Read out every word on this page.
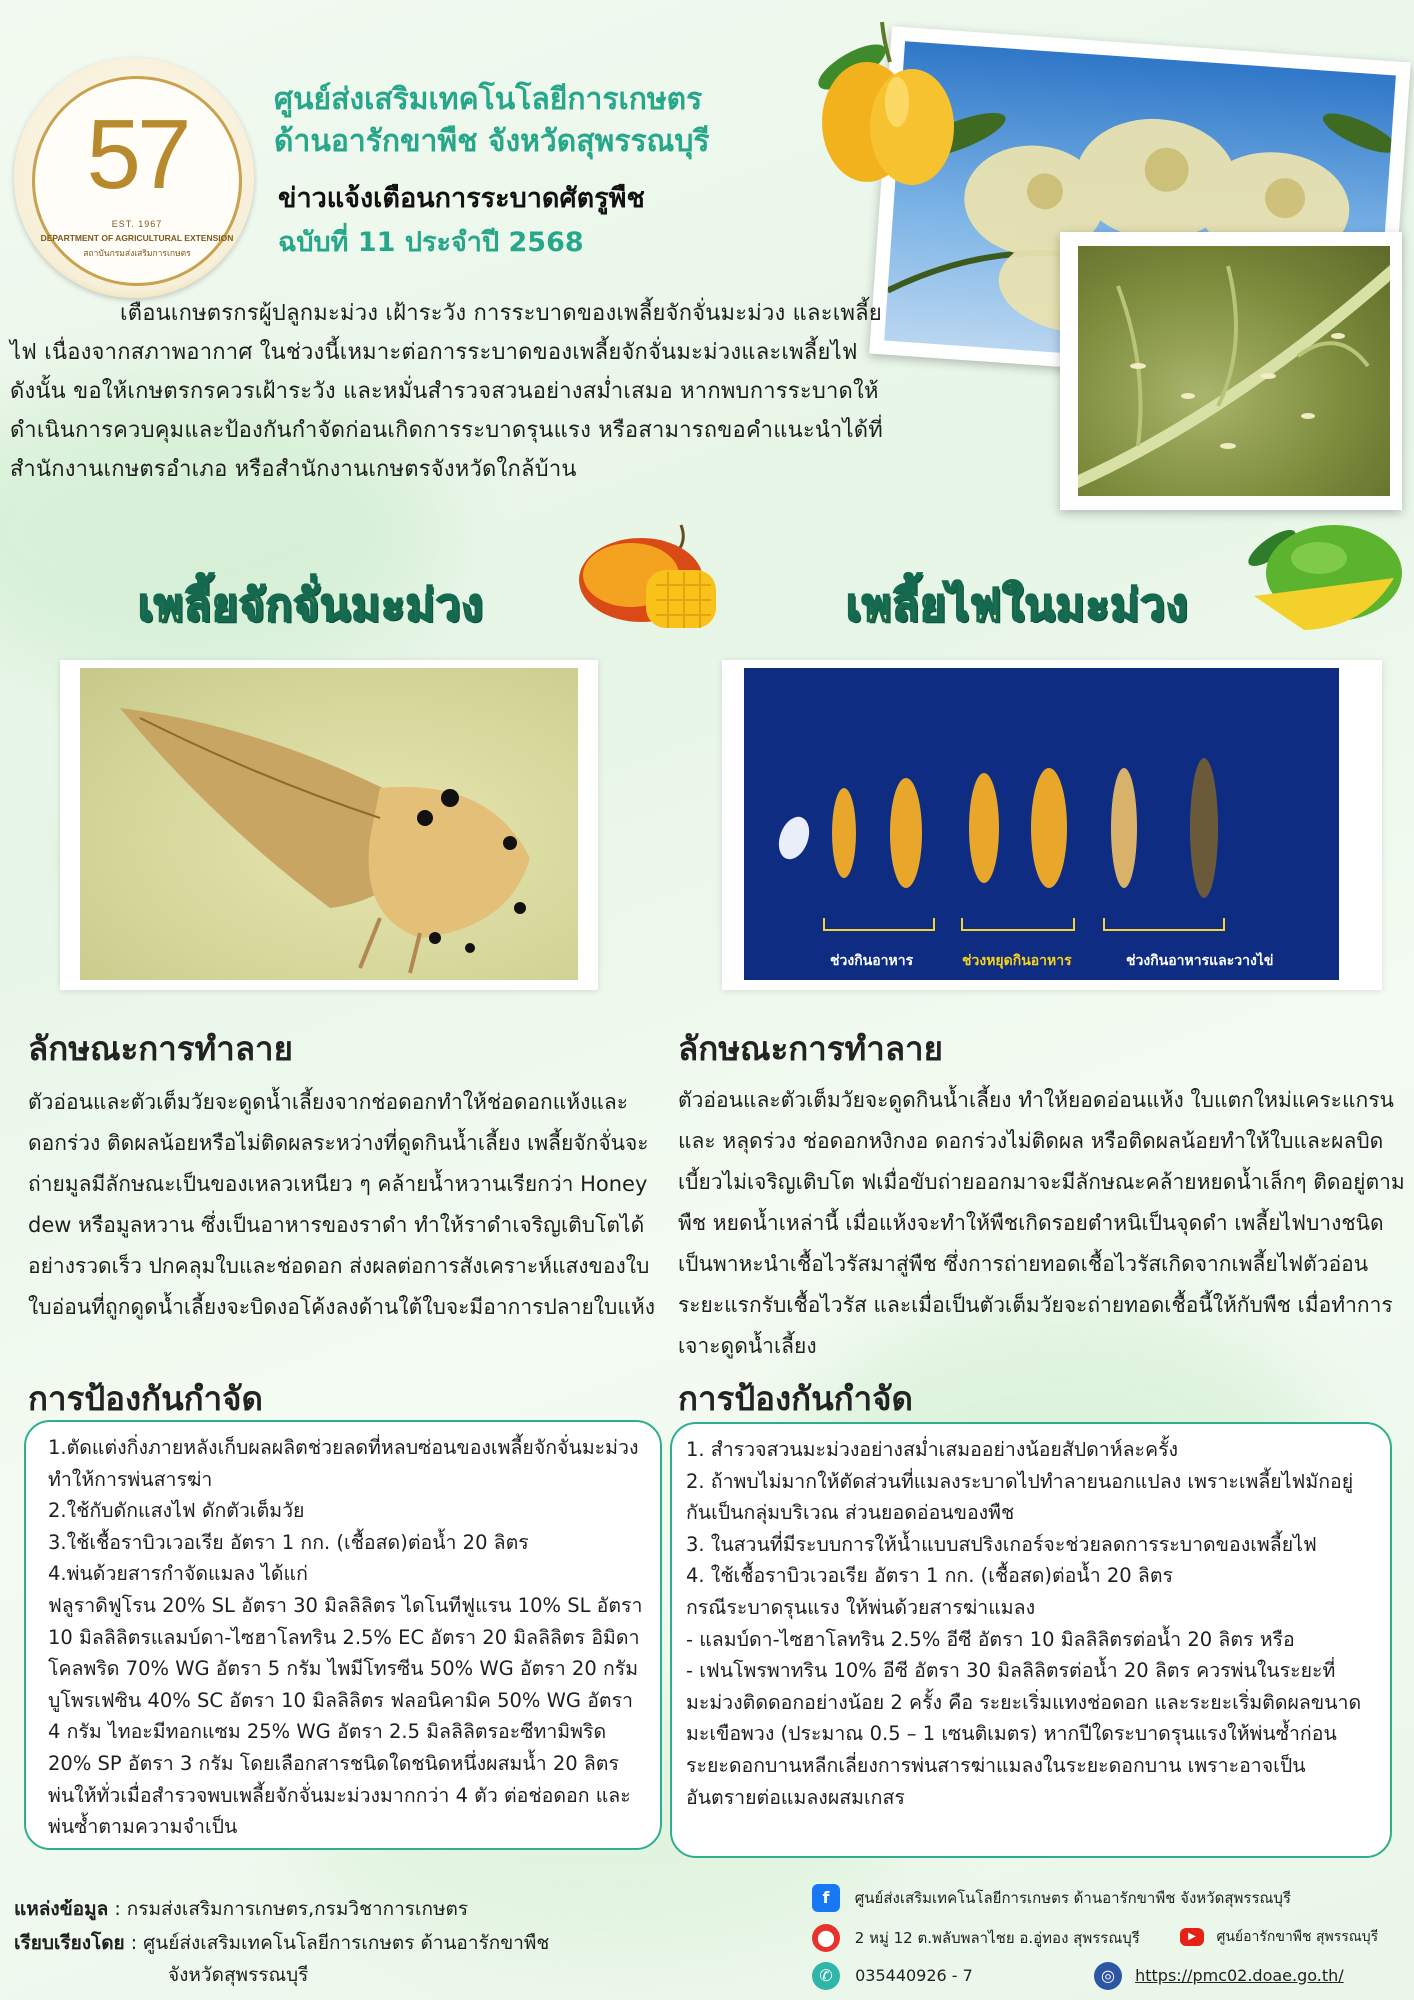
57
EST. 1967
DEPARTMENT OF AGRICULTURAL EXTENSION
สถาบันกรมส่งเสริมการเกษตร
ศูนย์ส่งเสริมเทคโนโลยีการเกษตร
ด้านอารักขาพืช จังหวัดสุพรรณบุรี
ข่าวแจ้งเตือนการระบาดศัตรูพืช
ฉบับที่ 11 ประจำปี 2568

เตือนเกษตรกรผู้ปลูกมะม่วง เฝ้าระวัง การระบาดของเพลี้ยจักจั่นมะม่วง และเพลี้ยไฟ เนื่องจากสภาพอากาศ ในช่วงนี้เหมาะต่อการระบาดของเพลี้ยจักจั่นมะม่วงและเพลี้ยไฟ ดังนั้น ขอให้เกษตรกรควรเฝ้าระวัง และหมั่นสำรวจสวนอย่างสม่ำเสมอ หากพบการระบาดให้ดำเนินการควบคุมและป้องกันกำจัดก่อนเกิดการระบาดรุนแรง หรือสามารถขอคำแนะนำได้ที่สำนักงานเกษตรอำเภอ หรือสำนักงานเกษตรจังหวัดใกล้บ้าน

เพลี้ยจักจั่นมะม่วง	เพลี้ยไฟในมะม่วง
ช่วงกินอาหาร	ช่วงหยุดกินอาหาร	ช่วงกินอาหารและวางไข่
ลักษณะการทำลาย
ตัวอ่อนและตัวเต็มวัยจะดูดน้ำเลี้ยงจากช่อดอกทำให้ช่อดอกแห้งและดอกร่วง ติดผลน้อยหรือไม่ติดผลระหว่างที่ดูดกินน้ำเลี้ยง เพลี้ยจักจั่นจะถ่ายมูลมีลักษณะเป็นของเหลวเหนียว ๆ คล้ายน้ำหวานเรียกว่า Honey dew หรือมูลหวาน ซึ่งเป็นอาหารของราดำ ทำให้ราดำเจริญเติบโตได้อย่างรวดเร็ว ปกคลุมใบและช่อดอก ส่งผลต่อการสังเคราะห์แสงของใบ ใบอ่อนที่ถูกดูดน้ำเลี้ยงจะบิดงอโค้งลงด้านใต้ใบจะมีอาการปลายใบแห้ง
ลักษณะการทำลาย
ตัวอ่อนและตัวเต็มวัยจะดูดกินน้ำเลี้ยง ทำให้ยอดอ่อนแห้ง ใบแตกใหม่แคระแกรนและ หลุดร่วง ช่อดอกหงิกงอ ดอกร่วงไม่ติดผล หรือติดผลน้อยทำให้ใบและผลบิดเบี้ยวไม่เจริญเติบโต ฟเมื่อขับถ่ายออกมาจะมีลักษณะคล้ายหยดน้ำเล็กๆ ติดอยู่ตามพืช หยดน้ำเหล่านี้ เมื่อแห้งจะทำให้พืชเกิดรอยตำหนิเป็นจุดดำ เพลี้ยไฟบางชนิดเป็นพาหะนำเชื้อไวรัสมาสู่พืช ซึ่งการถ่ายทอดเชื้อไวรัสเกิดจากเพลี้ยไฟตัวอ่อนระยะแรกรับเชื้อไวรัส และเมื่อเป็นตัวเต็มวัยจะถ่ายทอดเชื้อนี้ให้กับพืช เมื่อทำการเจาะดูดน้ำเลี้ยง
การป้องกันกำจัด
1.ตัดแต่งกิ่งภายหลังเก็บผลผลิตช่วยลดที่หลบซ่อนของเพลี้ยจักจั่นมะม่วง ทำให้การพ่นสารฆ่า
2.ใช้กับดักแสงไฟ ดักตัวเต็มวัย
3.ใช้เชื้อราบิวเวอเรีย อัตรา 1 กก. (เชื้อสด)ต่อน้ำ 20 ลิตร
4.พ่นด้วยสารกำจัดแมลง ได้แก่
ฟลูราดิฟูโรน 20% SL อัตรา 30 มิลลิลิตร ไดโนทีฟูแรน 10% SL อัตรา 10 มิลลิลิตรแลมบ์ดา-ไซฮาโลทริน 2.5% EC อัตรา 20 มิลลิลิตร อิมิดาโคลพริด 70% WG อัตรา 5 กรัม ไพมีโทรซีน 50% WG อัตรา 20 กรัมบูโพรเฟซิน 40% SC อัตรา 10 มิลลิลิตร ฟลอนิคามิค 50% WG อัตรา 4 กรัม ไทอะมีทอกแซม 25% WG อัตรา 2.5 มิลลิลิตรอะซีทามิพริด 20% SP อัตรา 3 กรัม โดยเลือกสารชนิดใดชนิดหนึ่งผสมน้ำ 20 ลิตร พ่นให้ทั่วเมื่อสำรวจพบเพลี้ยจักจั่นมะม่วงมากกว่า 4 ตัว ต่อช่อดอก และพ่นซ้ำตามความจำเป็น
การป้องกันกำจัด
1. สำรวจสวนมะม่วงอย่างสม่ำเสมออย่างน้อยสัปดาห์ละครั้ง
2. ถ้าพบไม่มากให้ตัดส่วนที่แมลงระบาดไปทำลายนอกแปลง เพราะเพลี้ยไฟมักอยู่กันเป็นกลุ่มบริเวณ ส่วนยอดอ่อนของพืช
3. ในสวนที่มีระบบการให้น้ำแบบสปริงเกอร์จะช่วยลดการระบาดของเพลี้ยไฟ
4. ใช้เชื้อราบิวเวอเรีย อัตรา 1 กก. (เชื้อสด)ต่อน้ำ 20 ลิตร
กรณีระบาดรุนแรง ให้พ่นด้วยสารฆ่าแมลง
- แลมบ์ดา-ไซฮาโลทริน 2.5% อีซี อัตรา 10 มิลลิลิตรต่อน้ำ 20 ลิตร หรือ
- เฟนโพรพาทริน 10% อีซี อัตรา 30 มิลลิลิตรต่อน้ำ 20 ลิตร ควรพ่นในระยะที่มะม่วงติดดอกอย่างน้อย 2 ครั้ง คือ ระยะเริ่มแทงช่อดอก และระยะเริ่มติดผลขนาดมะเขือพวง (ประมาณ 0.5 – 1 เซนติเมตร) หากปีใดระบาดรุนแรงให้พ่นซ้ำก่อนระยะดอกบานหลีกเลี่ยงการพ่นสารฆ่าแมลงในระยะดอกบาน เพราะอาจเป็นอันตรายต่อแมลงผสมเกสร
แหล่งข้อมูล : กรมส่งเสริมการเกษตร,กรมวิชาการเกษตร
เรียบเรียงโดย : ศูนย์ส่งเสริมเทคโนโลยีการเกษตร ด้านอารักขาพืช
จังหวัดสุพรรณบุรี
f ศูนย์ส่งเสริมเทคโนโลยีการเกษตร ด้านอารักขาพืช จังหวัดสุพรรณบุรี
⬤ 2 หมู่ 12 ต.พลับพลาไชย อ.อู่ทอง สุพรรณบุรี	▶ ศูนย์อารักขาพืช สุพรรณบุรี
✆ 035440926 - 7	◎ https://pmc02.doae.go.th/
